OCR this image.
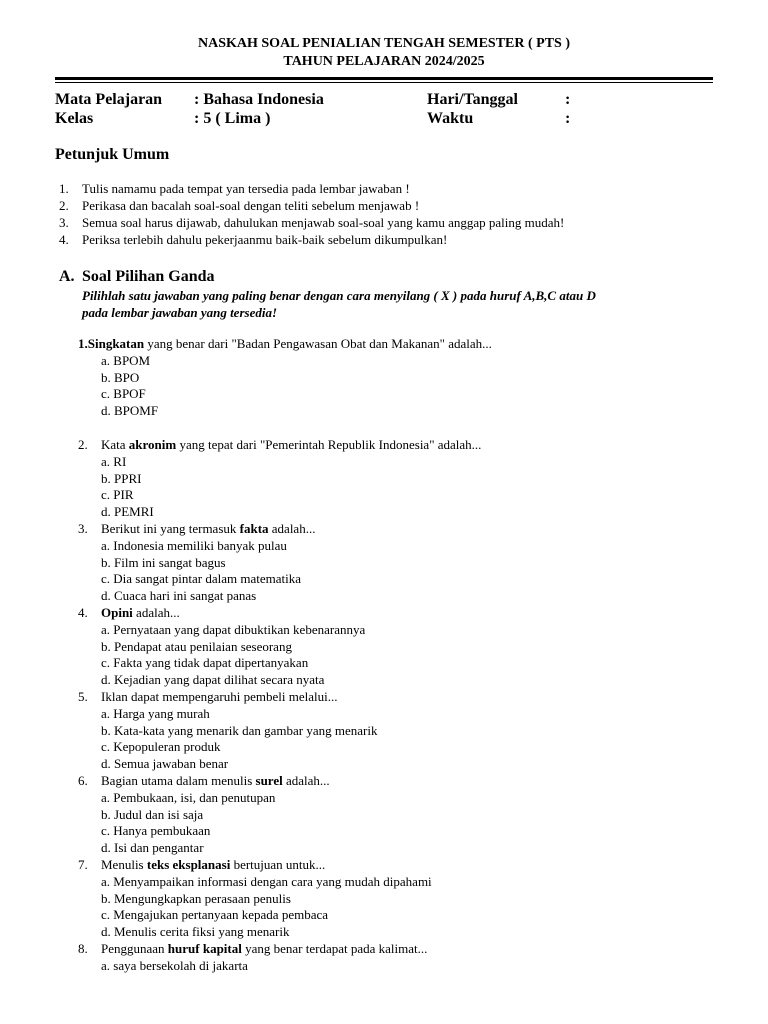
NASKAH SOAL PENIALIAN TENGAH SEMESTER ( PTS )
TAHUN PELAJARAN 2024/2025
Mata Pelajaran : Bahasa Indonesia	Hari/Tanggal	:
Kelas	: 5 ( Lima )	Waktu	:
Petunjuk Umum
1.	Tulis namamu pada tempat yan tersedia pada lembar jawaban !
2.	Perikasa dan bacalah soal-soal dengan teliti sebelum menjawab !
3.	Semua soal harus dijawab, dahulukan menjawab soal-soal yang kamu anggap paling mudah!
4.	Periksa terlebih dahulu pekerjaanmu baik-baik sebelum dikumpulkan!
A. Soal Pilihan Ganda
Pilihlah satu jawaban yang paling benar dengan cara menyilang ( X ) pada huruf A,B,C atau D
pada lembar jawaban yang tersedia!
1.Singkatan yang benar dari "Badan Pengawasan Obat dan Makanan" adalah...
a. BPOM
b. BPO
c. BPOF
d. BPOMF
2.	Kata akronim yang tepat dari "Pemerintah Republik Indonesia" adalah...
a. RI
b. PPRI
c. PIR
d. PEMRI
3.	Berikut ini yang termasuk fakta adalah...
a. Indonesia memiliki banyak pulau
b. Film ini sangat bagus
c. Dia sangat pintar dalam matematika
d. Cuaca hari ini sangat panas
4.	Opini adalah...
a. Pernyataan yang dapat dibuktikan kebenarannya
b. Pendapat atau penilaian seseorang
c. Fakta yang tidak dapat dipertanyakan
d. Kejadian yang dapat dilihat secara nyata
5.	Iklan dapat mempengaruhi pembeli melalui...
a. Harga yang murah
b. Kata-kata yang menarik dan gambar yang menarik
c. Kepopuleran produk
d. Semua jawaban benar
6.	Bagian utama dalam menulis surel adalah...
a. Pembukaan, isi, dan penutupan
b. Judul dan isi saja
c. Hanya pembukaan
d. Isi dan pengantar
7.	Menulis teks eksplanasi bertujuan untuk...
a. Menyampaikan informasi dengan cara yang mudah dipahami
b. Mengungkapkan perasaan penulis
c. Mengajukan pertanyaan kepada pembaca
d. Menulis cerita fiksi yang menarik
8.	Penggunaan huruf kapital yang benar terdapat pada kalimat...
a. saya bersekolah di jakarta
